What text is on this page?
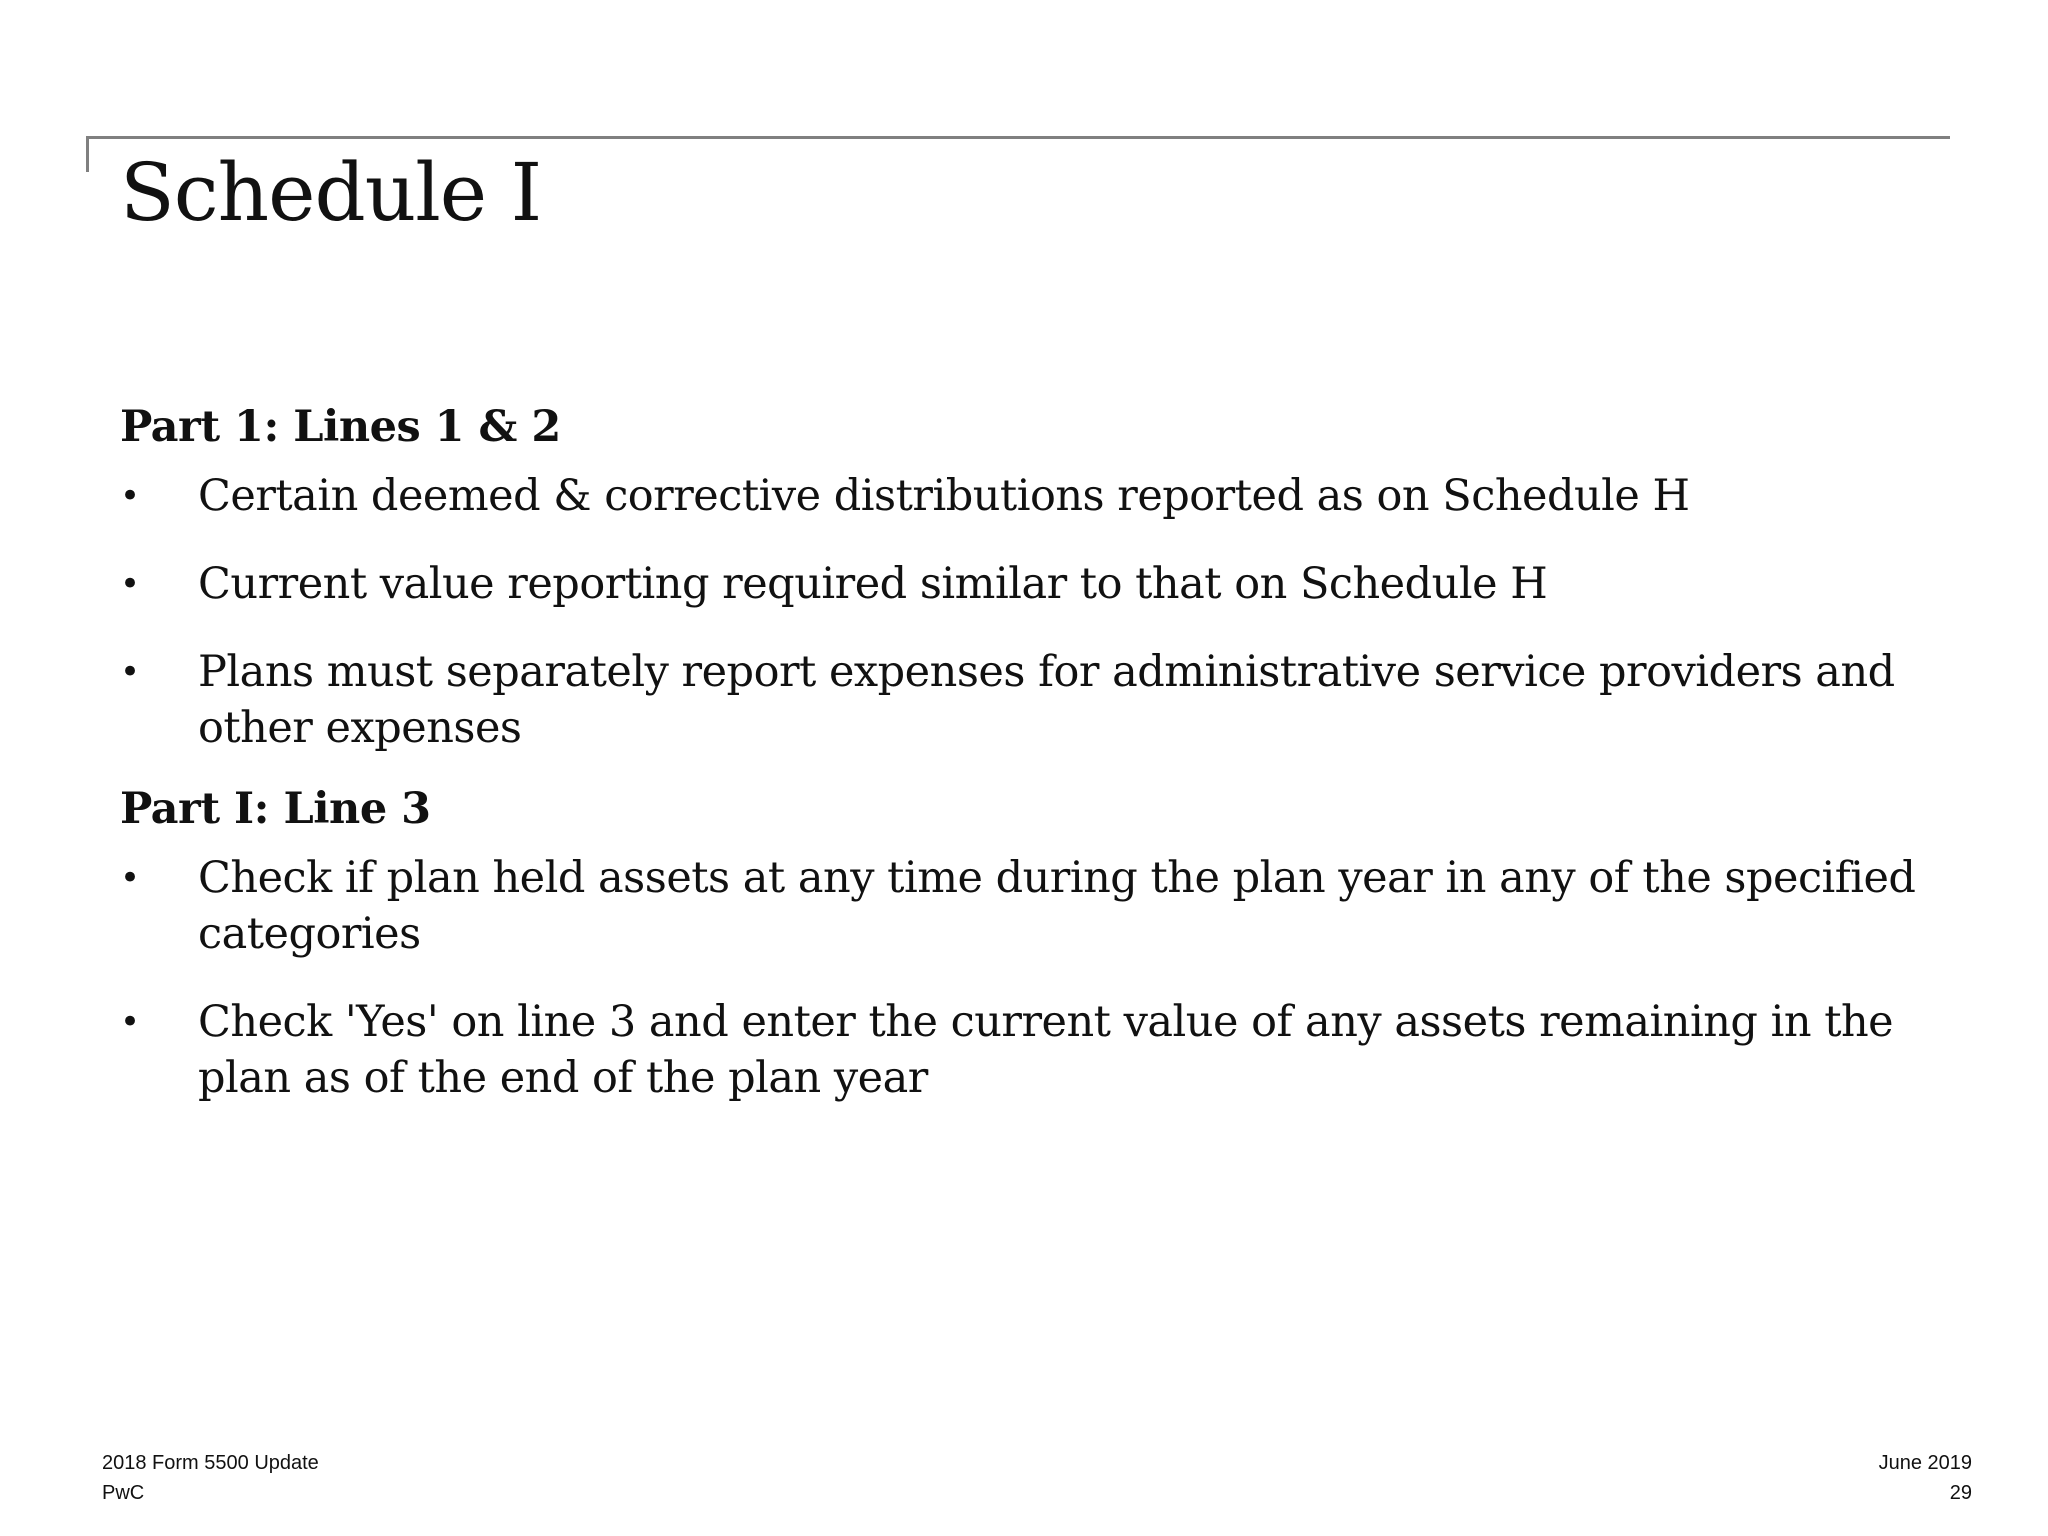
Schedule I
Part 1: Lines 1 & 2
• Certain deemed & corrective distributions reported as on Schedule H
• Current value reporting required similar to that on Schedule H
• Plans must separately report expenses for administrative service providers and other expenses
Part I: Line 3
• Check if plan held assets at any time during the plan year in any of the specified categories
• Check 'Yes' on line 3 and enter the current value of any assets remaining in the plan as of the end of the plan year
2018 Form 5500 Update
PwC
June 2019
29
